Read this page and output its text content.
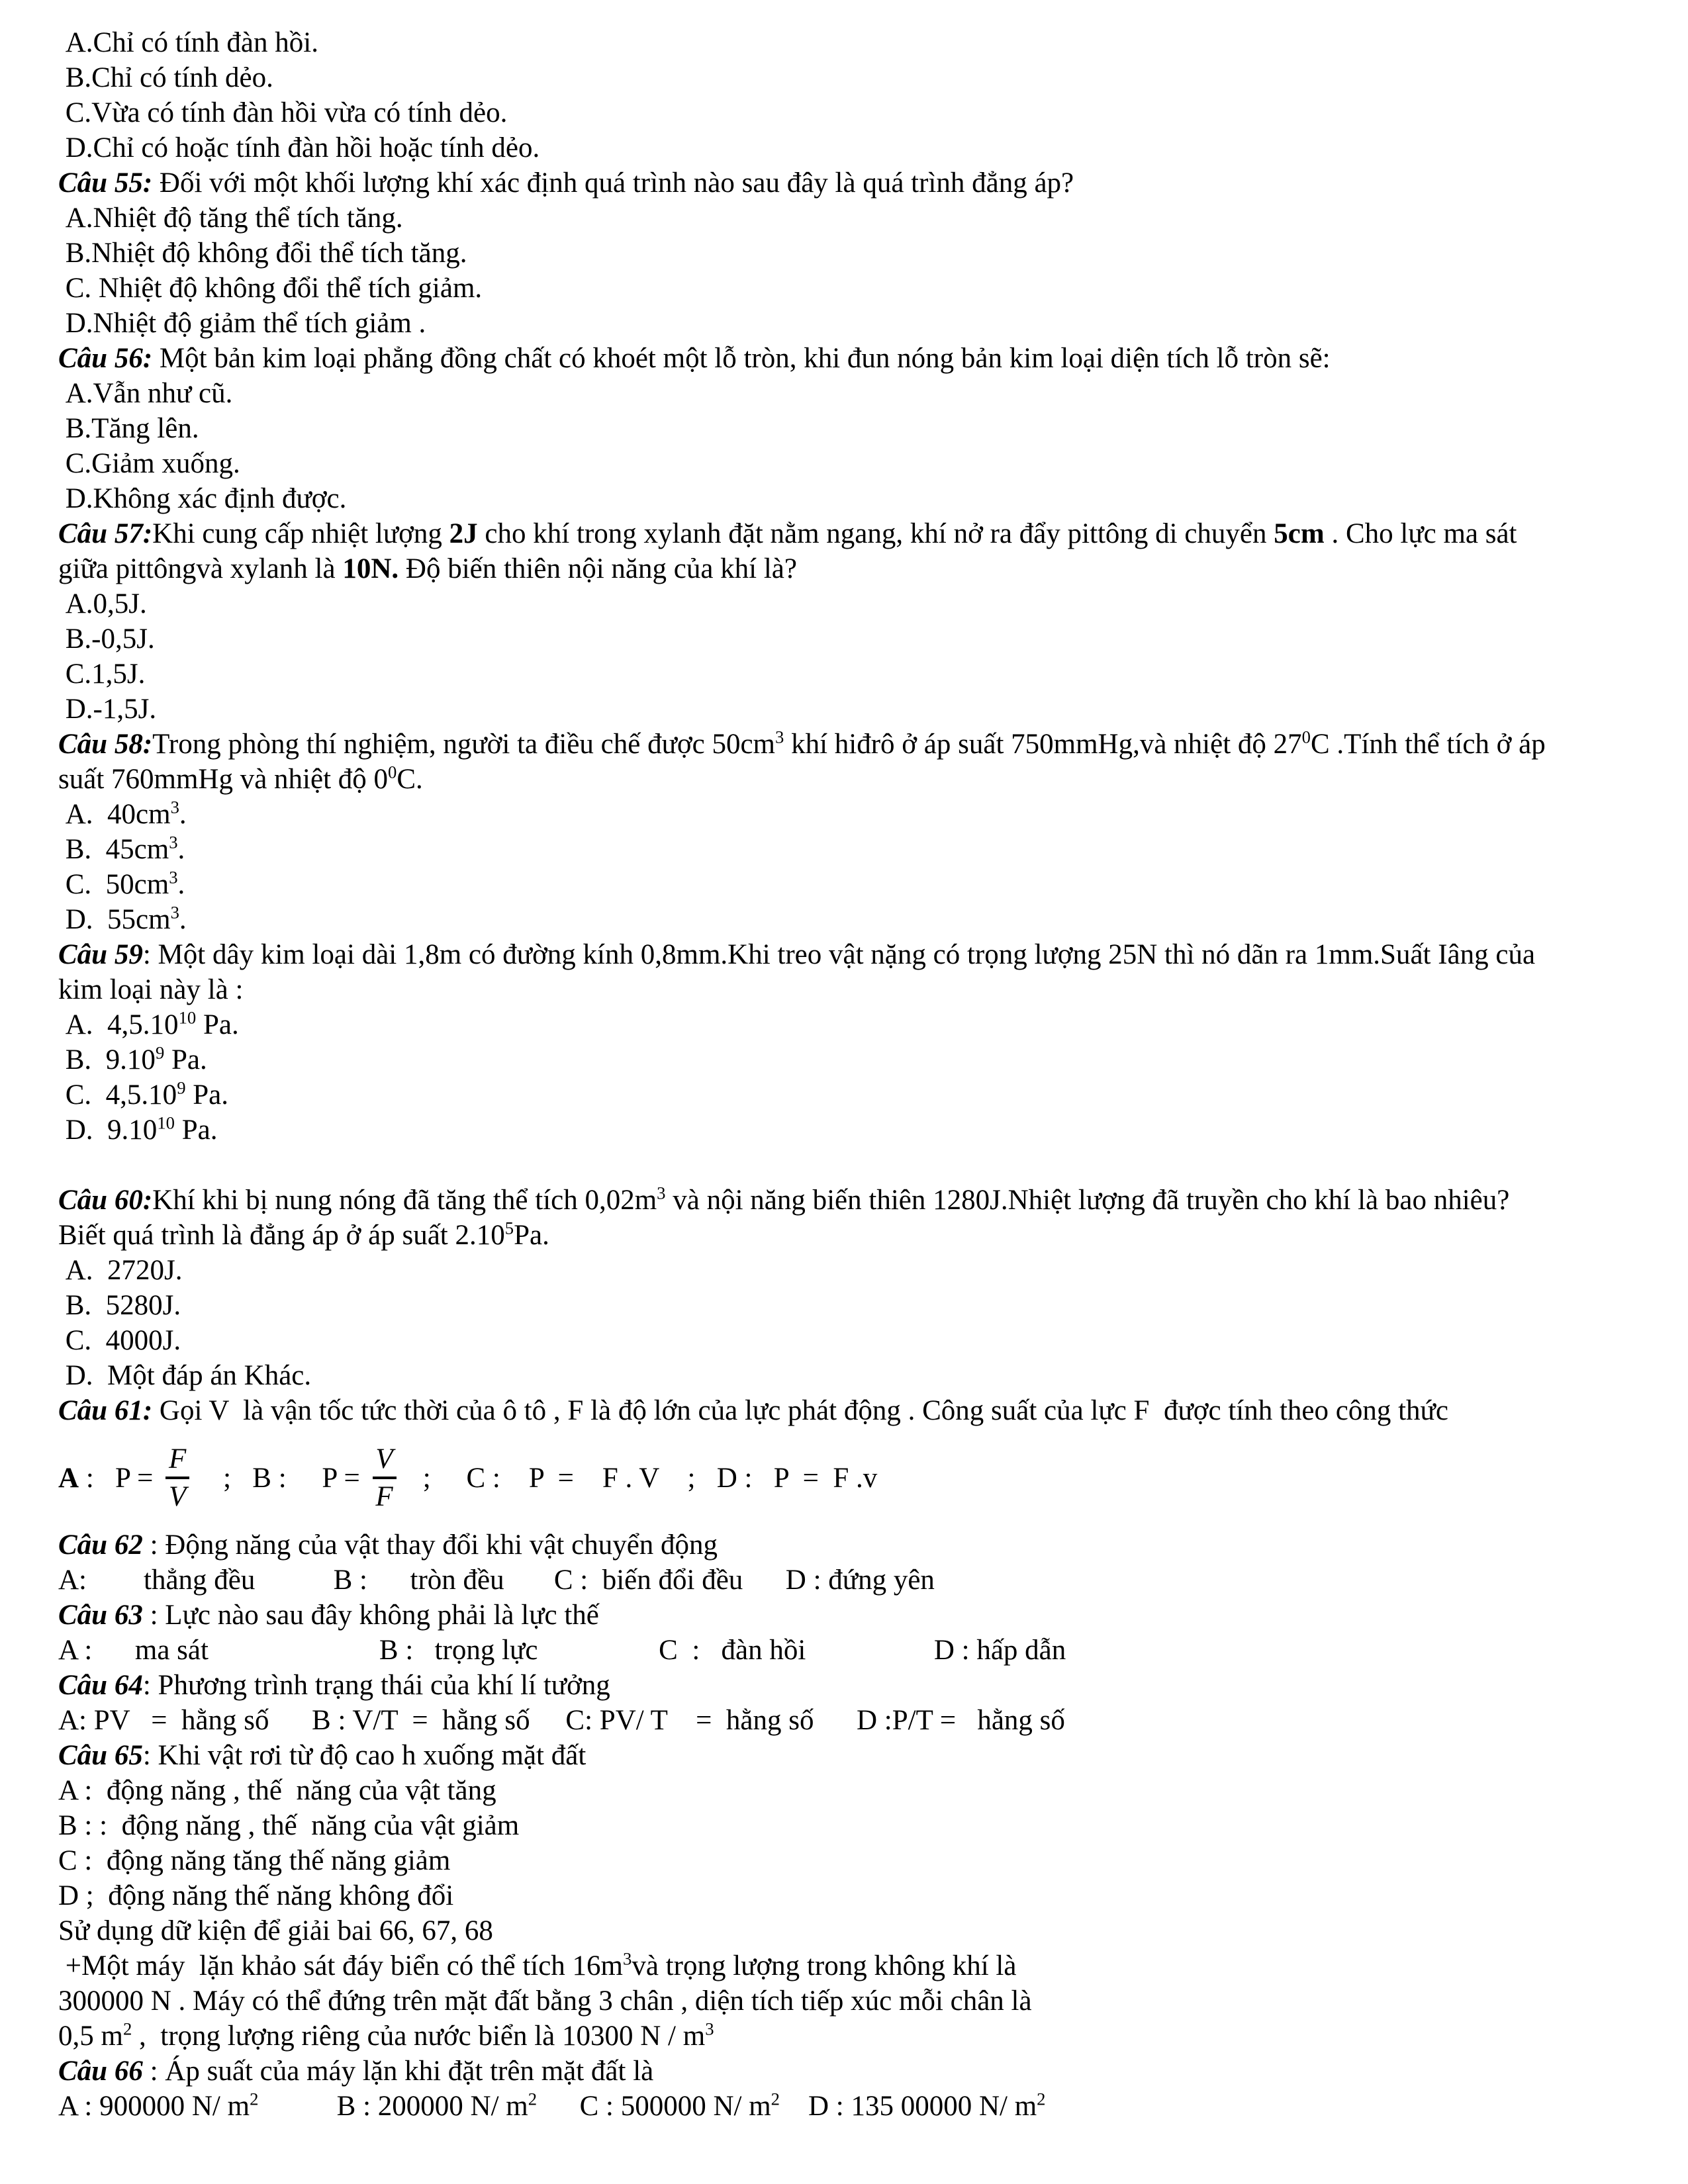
A.Chỉ có tính đàn hồi.
B.Chỉ có tính dẻo.
C.Vừa có tính đàn hồi vừa có tính dẻo.
D.Chỉ có hoặc tính đàn hồi hoặc tính dẻo.
Câu 55: Đối với một khối lượng khí xác định quá trình nào sau đây là quá trình đẳng áp?
A.Nhiệt độ tăng thể tích tăng.
B.Nhiệt độ không đổi thể tích tăng.
C. Nhiệt độ không đổi thể tích giảm.
D.Nhiệt độ giảm thể tích giảm .
Câu 56: Một bản kim loại phẳng đồng chất có khoét một lỗ tròn, khi đun nóng bản kim loại diện tích lỗ tròn sẽ:
A.Vẫn như cũ.
B.Tăng lên.
C.Giảm xuống.
D.Không xác định được.
Câu 57:Khi cung cấp nhiệt lượng 2J cho khí trong xylanh đặt nằm ngang, khí nở ra đẩy pittông di chuyển 5cm . Cho lực ma sát
giữa pittôngvà xylanh là 10N. Độ biến thiên nội năng của khí là?
A.0,5J.
B.-0,5J.
C.1,5J.
D.-1,5J.
Câu 58:Trong phòng thí nghiệm, người ta điều chế được $50cm^3$ khí hiđrô ở áp suất 750mmHg,và nhiệt độ $27^0C$ .Tính thể tích ở áp
suất 760mmHg và nhiệt độ $0^0C$.
A.  $40cm^3$.
B.  $45cm^3$.
C.  $50cm^3$.
D.  $55cm^3$.
Câu 59: Một dây kim loại dài 1,8m có đường kính 0,8mm.Khi treo vật nặng có trọng lượng 25N thì nó dãn ra 1mm.Suất Iâng của
kim loại này là :
A.  4,5.10$^{10}$ Pa.
B.  9.10$^9$ Pa.
C.  4,5.10$^9$ Pa.
D.  9.10$^{10}$ Pa.

Câu 60:Khí khi bị nung nóng đã tăng thể tích $0,02m^3$ và nội năng biến thiên 1280J.Nhiệt lượng đã truyền cho khí là bao nhiêu?
Biết quá trình là đẳng áp ở áp suất 2.10$^5$Pa.
A.  2720J.
B.  5280J.
C.  4000J.
D.  Một đáp án Khác.
Câu 61: Gọi V  là vận tốc tức thời của ô tô , F là độ lớn của lực phát động . Công suất của lực F  được tính theo công thức
A :   $P = \frac{F}{V}$ ;   B :     $P = \frac{V}{F}$ ;     C :    P  =    F . V    ;   D :   P  =  F .v
Câu 62 : Động năng của vật thay đổi khi vật chuyển động
A:        thẳng đều           B :      tròn đều       C :  biến đổi đều      D : đứng yên
Câu 63 : Lực nào sau đây không phải là lực thế
A :      ma sát                        B :   trọng lực                 C  :   đàn hồi                  D : hấp dẫn
Câu 64: Phương trình trạng thái của khí lí tưởng
A: PV   =  hằng số      B : V/T  =  hằng số     C: PV/ T    =  hằng số      D :P/T =   hằng số
Câu 65: Khi vật rơi từ độ cao h xuống mặt đất
A :  động năng , thế  năng của vật tăng
B : :  động năng , thế  năng của vật giảm
C :  động năng tăng thế năng giảm
D ;  động năng thế năng không đổi
Sử dụng dữ kiện để giải bai 66, 67, 68
+Một máy  lặn khảo sát đáy biển có thể tích $16m^3và$ trọng lượng trong không khí là
300000 N . Máy có thể đứng trên mặt đất bằng 3 chân , diện tích tiếp xúc mỗi chân là
0,5 $m^2$ ,  trọng lượng riêng của nước biển là 10300 N / $m^3$
Câu 66 : Áp suất của máy lặn khi đặt trên mặt đất là
A : 900000 N/ $m^2$           B : 200000 N/ $m^2$      C : 500000 N/ $m^2$    D : 135 00000 N/ $m^2$
